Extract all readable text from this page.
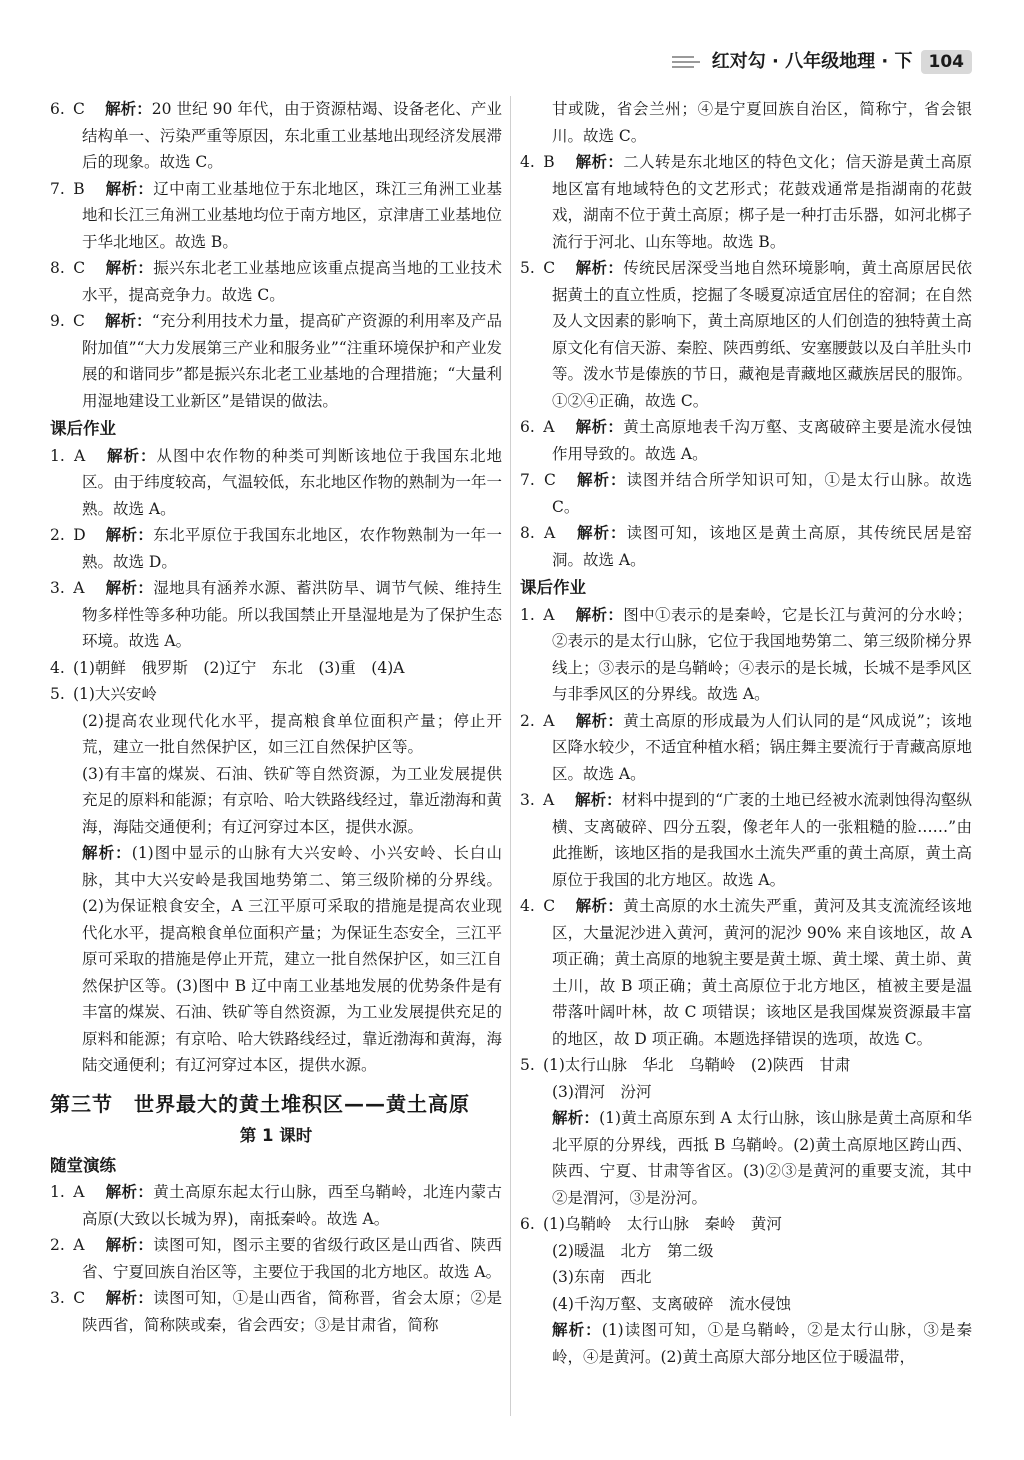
红对勾 · 八年级地理 · 下 104
6. C 解析：20 世纪 90 年代，由于资源枯竭、设备老化、产业结构单一、污染严重等原因，东北重工业基地出现经济发展滞后的现象。故选 C。
7. B 解析：辽中南工业基地位于东北地区，珠江三角洲工业基地和长江三角洲工业基地均位于南方地区，京津唐工业基地位于华北地区。故选 B。
8. C 解析：振兴东北老工业基地应该重点提高当地的工业技术水平，提高竞争力。故选 C。
9. C 解析：“充分利用技术力量，提高矿产资源的利用率及产品附加值”“大力发展第三产业和服务业”“注重环境保护和产业发展的和谐同步”都是振兴东北老工业基地的合理措施；“大量利用湿地建设工业新区”是错误的做法。
课后作业
1. A 解析：从图中农作物的种类可判断该地位于我国东北地区。由于纬度较高，气温较低，东北地区作物的熟制为一年一熟。故选 A。
2. D 解析：东北平原位于我国东北地区，农作物熟制为一年一熟。故选 D。
3. A 解析：湿地具有涵养水源、蓄洪防旱、调节气候、维持生物多样性等多种功能。所以我国禁止开垦湿地是为了保护生态环境。故选 A。
4. (1)朝鲜　俄罗斯　(2)辽宁　东北　(3)重　(4)A
5. (1)大兴安岭
(2)提高农业现代化水平，提高粮食单位面积产量；停止开荒，建立一批自然保护区，如三江自然保护区等。
(3)有丰富的煤炭、石油、铁矿等自然资源，为工业发展提供充足的原料和能源；有京哈、哈大铁路线经过，靠近渤海和黄海，海陆交通便利；有辽河穿过本区，提供水源。
解析：(1)图中显示的山脉有大兴安岭、小兴安岭、长白山脉，其中大兴安岭是我国地势第二、第三级阶梯的分界线。(2)为保证粮食安全，A 三江平原可采取的措施是提高农业现代化水平，提高粮食单位面积产量；为保证生态安全，三江平原可采取的措施是停止开荒，建立一批自然保护区，如三江自然保护区等。(3)图中 B 辽中南工业基地发展的优势条件是有丰富的煤炭、石油、铁矿等自然资源，为工业发展提供充足的原料和能源；有京哈、哈大铁路线经过，靠近渤海和黄海，海陆交通便利；有辽河穿过本区，提供水源。
第三节　世界最大的黄土堆积区——黄土高原
第 1 课时
随堂演练
1. A 解析：黄土高原东起太行山脉，西至乌鞘岭，北连内蒙古高原(大致以长城为界)，南抵秦岭。故选 A。
2. A 解析：读图可知，图示主要的省级行政区是山西省、陕西省、宁夏回族自治区等，主要位于我国的北方地区。故选 A。
3. C 解析：读图可知，①是山西省，简称晋，省会太原；②是陕西省，简称陕或秦，省会西安；③是甘肃省，简称
甘或陇，省会兰州；④是宁夏回族自治区，简称宁，省会银川。故选 C。
4. B 解析：二人转是东北地区的特色文化；信天游是黄土高原地区富有地域特色的文艺形式；花鼓戏通常是指湖南的花鼓戏，湖南不位于黄土高原；梆子是一种打击乐器，如河北梆子流行于河北、山东等地。故选 B。
5. C 解析：传统民居深受当地自然环境影响，黄土高原居民依据黄土的直立性质，挖掘了冬暖夏凉适宜居住的窑洞；在自然及人文因素的影响下，黄土高原地区的人们创造的独特黄土高原文化有信天游、秦腔、陕西剪纸、安塞腰鼓以及白羊肚头巾等。泼水节是傣族的节日，藏袍是青藏地区藏族居民的服饰。①②④正确，故选 C。
6. A 解析：黄土高原地表千沟万壑、支离破碎主要是流水侵蚀作用导致的。故选 A。
7. C 解析：读图并结合所学知识可知，①是太行山脉。故选 C。
8. A 解析：读图可知，该地区是黄土高原，其传统民居是窑洞。故选 A。
课后作业
1. A 解析：图中①表示的是秦岭，它是长江与黄河的分水岭；②表示的是太行山脉，它位于我国地势第二、第三级阶梯分界线上；③表示的是乌鞘岭；④表示的是长城，长城不是季风区与非季风区的分界线。故选 A。
2. A 解析：黄土高原的形成最为人们认同的是“风成说”；该地区降水较少，不适宜种植水稻；锅庄舞主要流行于青藏高原地区。故选 A。
3. A 解析：材料中提到的“广袤的土地已经被水流剥蚀得沟壑纵横、支离破碎、四分五裂，像老年人的一张粗糙的脸……”由此推断，该地区指的是我国水土流失严重的黄土高原，黄土高原位于我国的北方地区。故选 A。
4. C 解析：黄土高原的水土流失严重，黄河及其支流流经该地区，大量泥沙进入黄河，黄河的泥沙 90% 来自该地区，故 A 项正确；黄土高原的地貌主要是黄土塬、黄土墚、黄土峁、黄土川，故 B 项正确；黄土高原位于北方地区，植被主要是温带落叶阔叶林，故 C 项错误；该地区是我国煤炭资源最丰富的地区，故 D 项正确。本题选择错误的选项，故选 C。
5. (1)太行山脉　华北　乌鞘岭　(2)陕西　甘肃
(3)渭河　汾河
解析：(1)黄土高原东到 A 太行山脉，该山脉是黄土高原和华北平原的分界线，西抵 B 乌鞘岭。(2)黄土高原地区跨山西、陕西、宁夏、甘肃等省区。(3)②③是黄河的重要支流，其中②是渭河，③是汾河。
6. (1)乌鞘岭　太行山脉　秦岭　黄河
(2)暖温　北方　第二级
(3)东南　西北
(4)千沟万壑、支离破碎　流水侵蚀
解析：(1)读图可知，①是乌鞘岭，②是太行山脉，③是秦岭，④是黄河。(2)黄土高原大部分地区位于暖温带，
